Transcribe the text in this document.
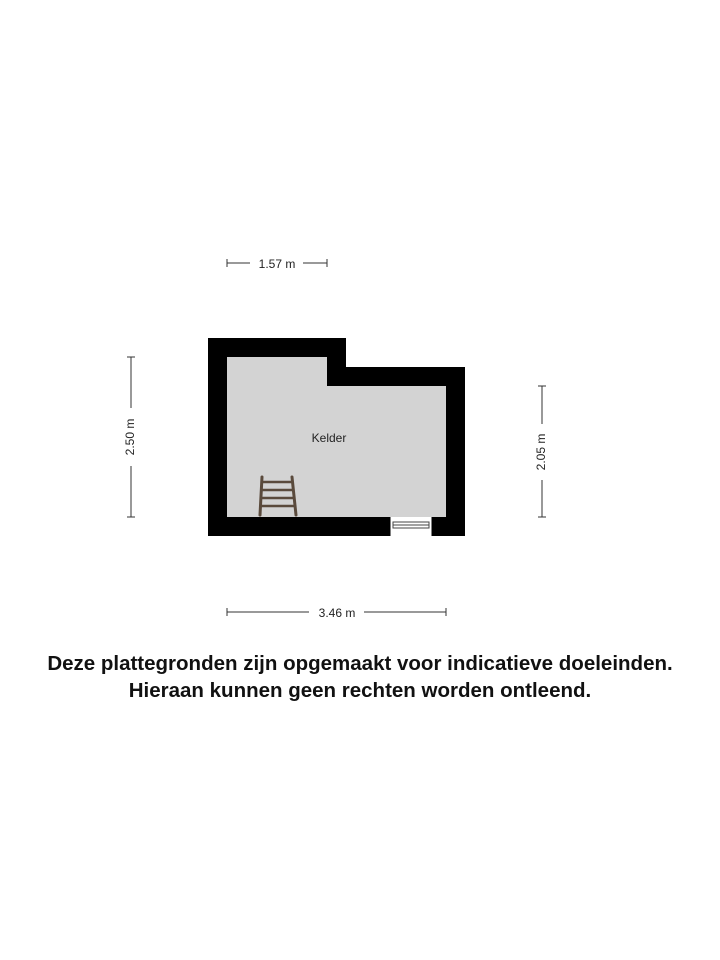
Kelder
1.57 m
2.50 m	2.05 m
3.46 m
Deze plattegronden zijn opgemaakt voor indicatieve doeleinden.
Hieraan kunnen geen rechten worden ontleend.
